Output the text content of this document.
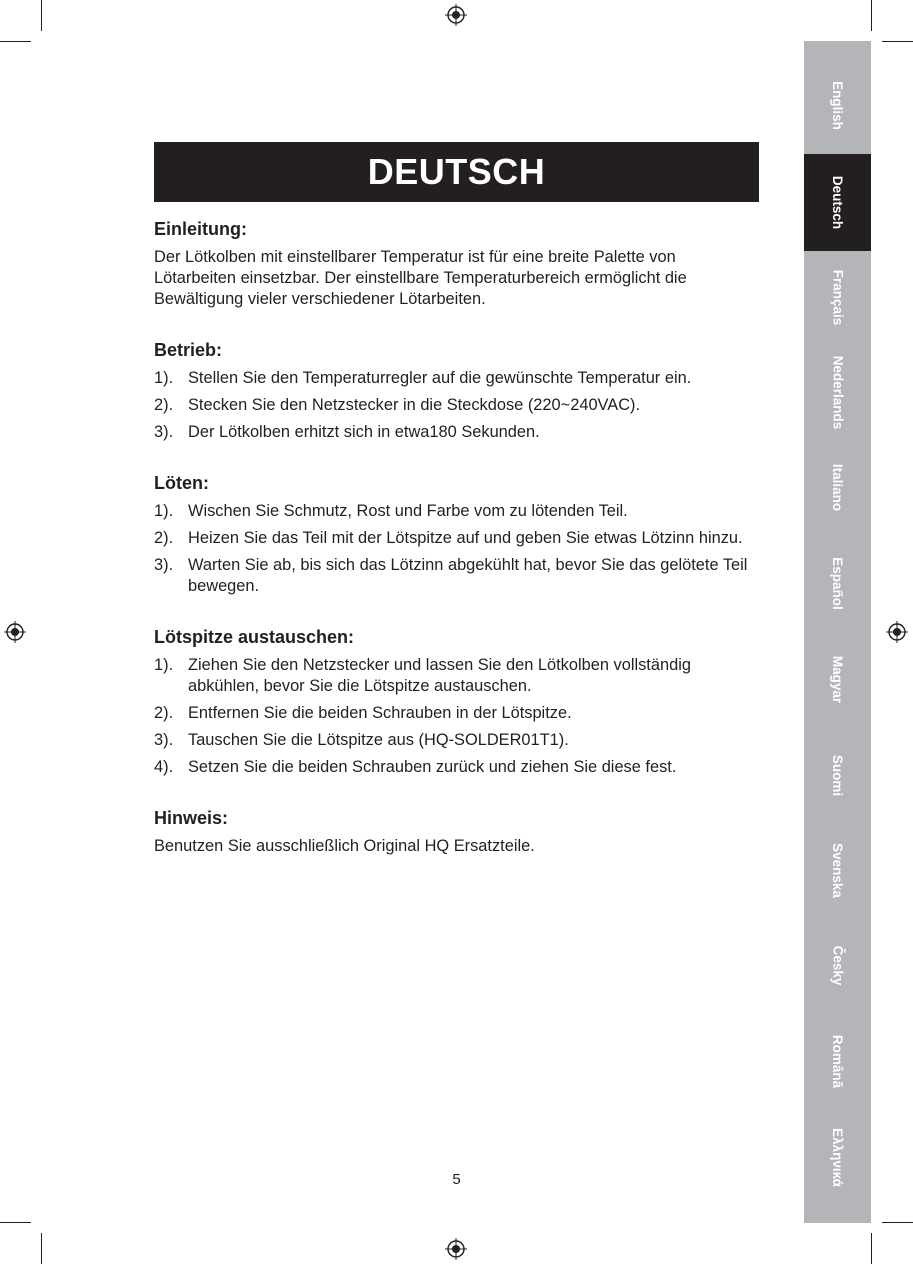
DEUTSCH
Einleitung:

Der Lötkolben mit einstellbarer Temperatur ist für eine breite Palette von
Lötarbeiten einsetzbar. Der einstellbare Temperaturbereich ermöglicht die
Bewältigung vieler verschiedener Lötarbeiten.

Betrieb:
1). Stellen Sie den Temperaturregler auf die gewünschte Temperatur ein.
2). Stecken Sie den Netzstecker in die Steckdose (220~240VAC).
3). Der Lötkolben erhitzt sich in etwa180 Sekunden.
Löten:
1). Wischen Sie Schmutz, Rost und Farbe vom zu lötenden Teil.
2). Heizen Sie das Teil mit der Lötspitze auf und geben Sie etwas Lötzinn hinzu.
3). Warten Sie ab, bis sich das Lötzinn abgekühlt hat, bevor Sie das gelötete Teil bewegen.
Lötspitze austauschen:
1). Ziehen Sie den Netzstecker und lassen Sie den Lötkolben vollständig abkühlen, bevor Sie die Lötspitze austauschen.
2). Entfernen Sie die beiden Schrauben in der Lötspitze.
3). Tauschen Sie die Lötspitze aus (HQ-SOLDER01T1).
4). Setzen Sie die beiden Schrauben zurück und ziehen Sie diese fest.
Hinweis:

Benutzen Sie ausschließlich Original HQ Ersatzteile.

5
English
Deutsch
Français
Nederlands
Italiano
Español
Magyar
Suomi
Svenska
Česky
Românã
Ελληνικά
